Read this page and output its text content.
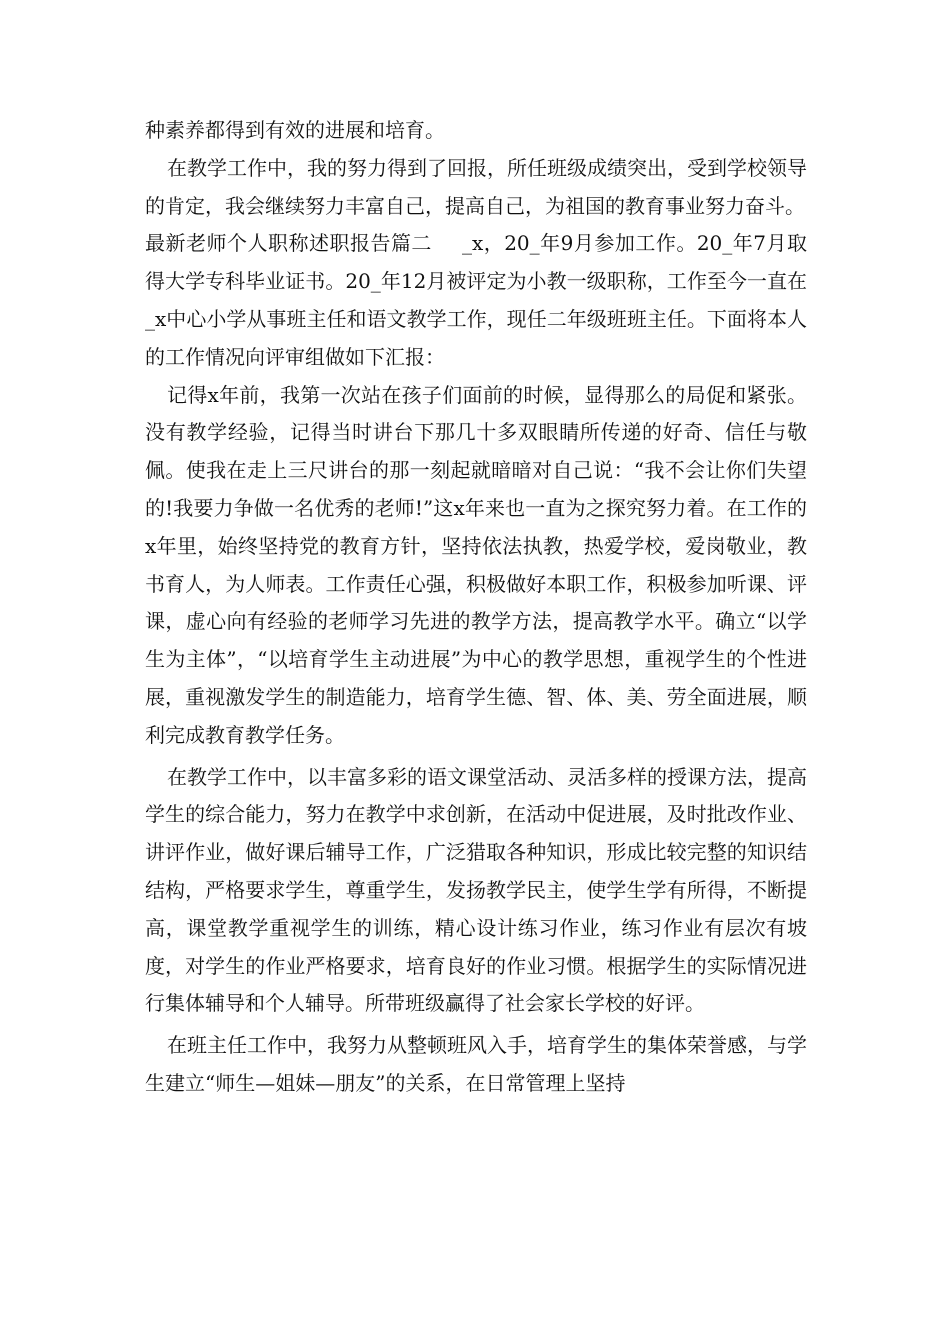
种素养都得到有效的进展和培育。

在教学工作中，我的努力得到了回报，所任班级成绩突出，受到学校领导的肯定，我会继续努力丰富自己，提高自己，为祖国的教育事业努力奋斗。

最新老师个人职称述职报告篇二 _x，20_年9月参加工作。20_年7月取得大学专科毕业证书。20_年12月被评定为小教一级职称，工作至今一直在_x中心小学从事班主任和语文教学工作，现任二年级班班主任。下面将本人的工作情况向评审组做如下汇报：

记得x年前，我第一次站在孩子们面前的时候，显得那么的局促和紧张。没有教学经验，记得当时讲台下那几十多双眼睛所传递的好奇、信任与敬佩。使我在走上三尺讲台的那一刻起就暗暗对自己说：“我不会让你们失望的!我要力争做一名优秀的老师!”这x年来也一直为之探究努力着。在工作的x年里，始终坚持党的教育方针，坚持依法执教，热爱学校，爱岗敬业，教书育人，为人师表。工作责任心强，积极做好本职工作，积极参加听课、评课，虚心向有经验的老师学习先进的教学方法，提高教学水平。确立“以学生为主体”，“以培育学生主动进展”为中心的教学思想，重视学生的个性进展，重视激发学生的制造能力，培育学生德、智、体、美、劳全面进展，顺利完成教育教学任务。

在教学工作中，以丰富多彩的语文课堂活动、灵活多样的授课方法，提高学生的综合能力，努力在教学中求创新，在活动中促进展，及时批改作业、讲评作业，做好课后辅导工作，广泛猎取各种知识，形成比较完整的知识结结构，严格要求学生，尊重学生，发扬教学民主，使学生学有所得，不断提高，课堂教学重视学生的训练，精心设计练习作业，练习作业有层次有坡度，对学生的作业严格要求，培育良好的作业习惯。根据学生的实际情况进行集体辅导和个人辅导。所带班级赢得了社会家长学校的好评。

在班主任工作中，我努力从整顿班风入手，培育学生的集体荣誉感，与学生建立“师生—姐妹—朋友”的关系，在日常管理上坚持
